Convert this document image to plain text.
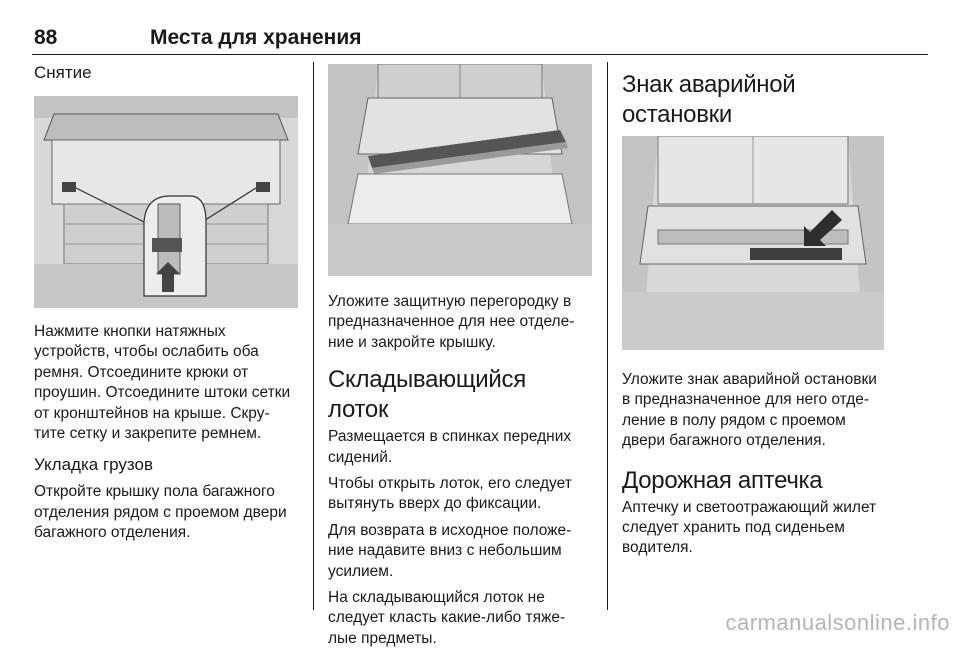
88	Места для хранения
Снятие
Нажмите кнопки натяжных
устройств, чтобы ослабить оба
ремня. Отсоедините крюки от
проушин. Отсоедините штоки сетки
от кронштейнов на крыше. Скру-
тите сетку и закрепите ремнем.
Укладка грузов
Откройте крышку пола багажного
отделения рядом с проемом двери
багажного отделения.
Уложите защитную перегородку в
предназначенное для нее отделе-
ние и закройте крышку.
Складывающийся лоток
Размещается в спинках передних
сидений.
Чтобы открыть лоток, его следует
вытянуть вверх до фиксации.
Для возврата в исходное положе-
ние надавите вниз с небольшим
усилием.
На складывающийся лоток не
следует класть какие-либо тяже-
лые предметы.
Знак аварийной остановки
Уложите знак аварийной остановки
в предназначенное для него отде-
ление в полу рядом с проемом
двери багажного отделения.
Дорожная аптечка
Аптечку и светоотражающий жилет
следует хранить под сиденьем
водителя.
carmanualsonline.info
